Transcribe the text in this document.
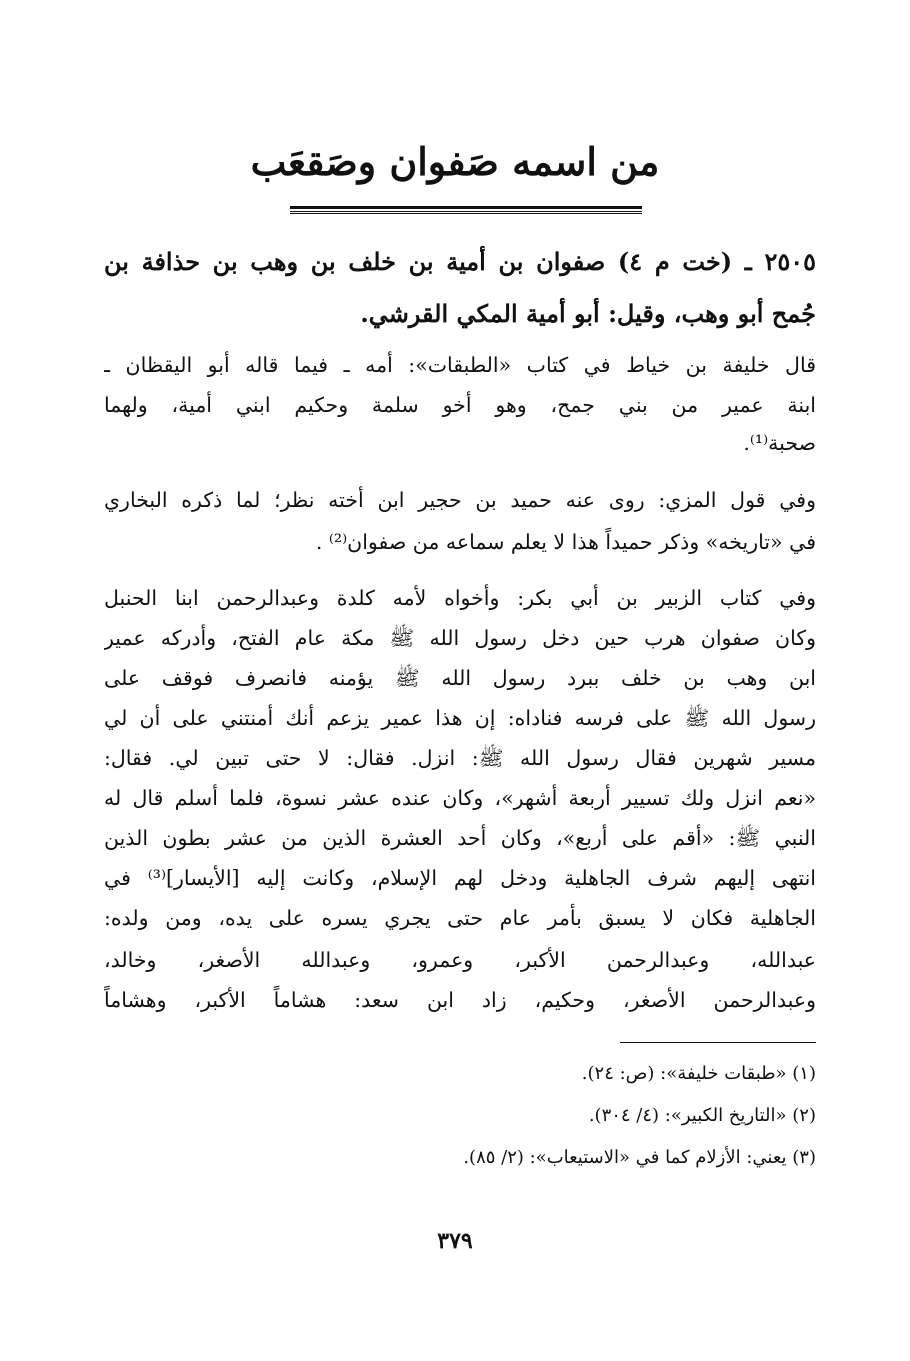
من اسمه صَفوان وصَقعَب
٢٥٠٥ ـ (خت م ٤) صفوان بن أمية بن خلف بن وهب بن حذافة بن
جُمح أبو وهب، وقيل: أبو أمية المكي القرشي.
قال خليفة بن خياط في كتاب «الطبقات»: أمه ـ فيما قاله أبو اليقظان ـ
ابنة عمير من بني جمح، وهو أخو سلمة وحكيم ابني أمية، ولهما
صحبة⁽¹⁾.
وفي قول المزي: روى عنه حميد بن حجير ابن أخته نظر؛ لما ذكره البخاري
في «تاريخه» وذكر حميداً هذا لا يعلم سماعه من صفوان⁽²⁾ .
وفي كتاب الزبير بن أبي بكر: وأخواه لأمه كلدة وعبدالرحمن ابنا الحنبل
وكان صفوان هرب حين دخل رسول الله ﷺ مكة عام الفتح، وأدركه عمير
ابن وهب بن خلف ببرد رسول الله ﷺ يؤمنه فانصرف فوقف على
رسول الله ﷺ على فرسه فناداه: إن هذا عمير يزعم أنك أمنتني على أن لي
مسير شهرين فقال رسول الله ﷺ: انزل. فقال: لا حتى تبين لي. فقال:
«نعم انزل ولك تسيير أربعة أشهر»، وكان عنده عشر نسوة، فلما أسلم قال له
النبي ﷺ: «أقم على أربع»، وكان أحد العشرة الذين من عشر بطون الذين
انتهى إليهم شرف الجاهلية ودخل لهم الإسلام، وكانت إليه [الأيسار]⁽³⁾ في
الجاهلية فكان لا يسبق بأمر عام حتى يجري يسره على يده، ومن ولده:
عبدالله، وعبدالرحمن الأكبر، وعمرو، وعبدالله الأصغر، وخالد،
وعبدالرحمن الأصغر، وحكيم، زاد ابن سعد: هشاماً الأكبر، وهشاماً
(١) «طبقات خليفة»: (ص: ٢٤).
(٢) «التاريخ الكبير»: (٤/ ٣٠٤).
(٣) يعني: الأزلام كما في «الاستيعاب»: (٢/ ٨٥).
٣٧٩
